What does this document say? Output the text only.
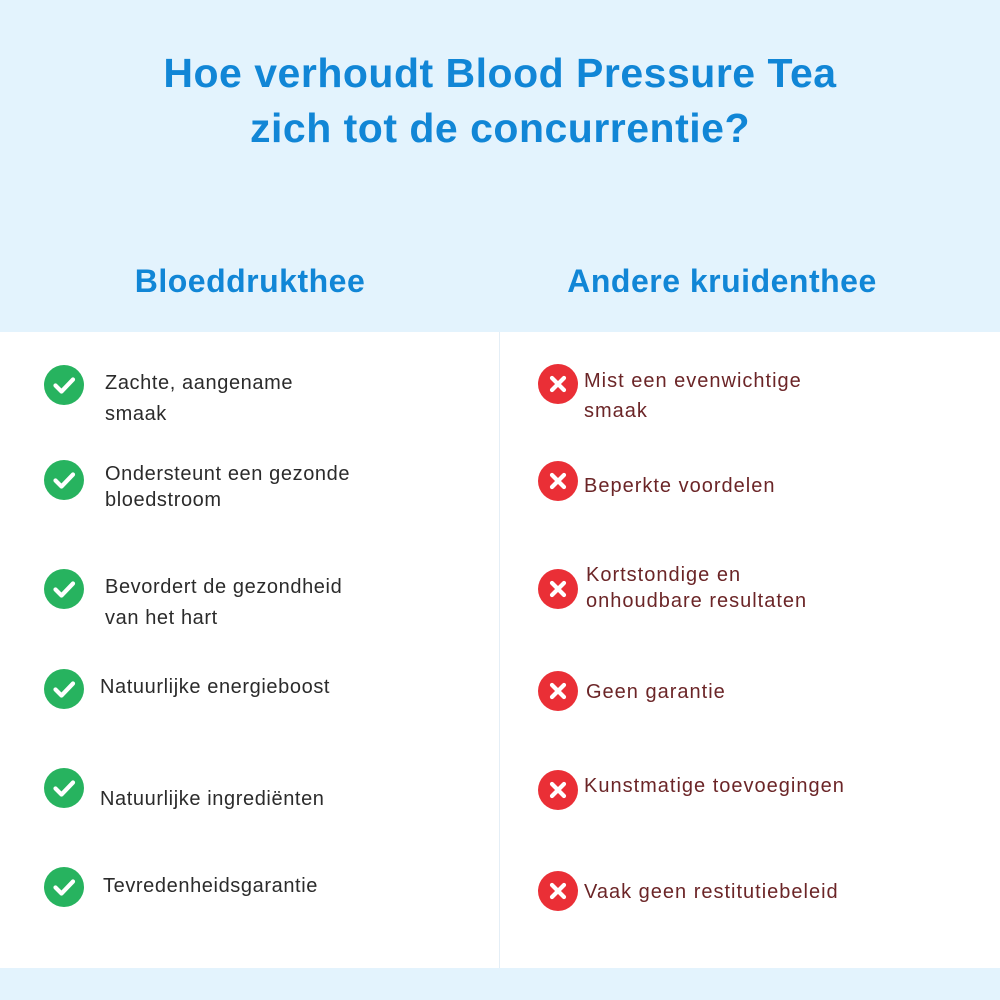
Hoe verhoudt Blood Pressure Tea
zich tot de concurrentie?
Bloeddrukthee	Andere kruidenthee
Zachte, aangename
smaak
Ondersteunt een gezonde
bloedstroom
Bevordert de gezondheid
van het hart
Natuurlijke energieboost
Natuurlijke ingrediënten
Tevredenheidsgarantie
Mist een evenwichtige
smaak
Beperkte voordelen
Kortstondige en
onhoudbare resultaten
Geen garantie
Kunstmatige toevoegingen
Vaak geen restitutiebeleid
